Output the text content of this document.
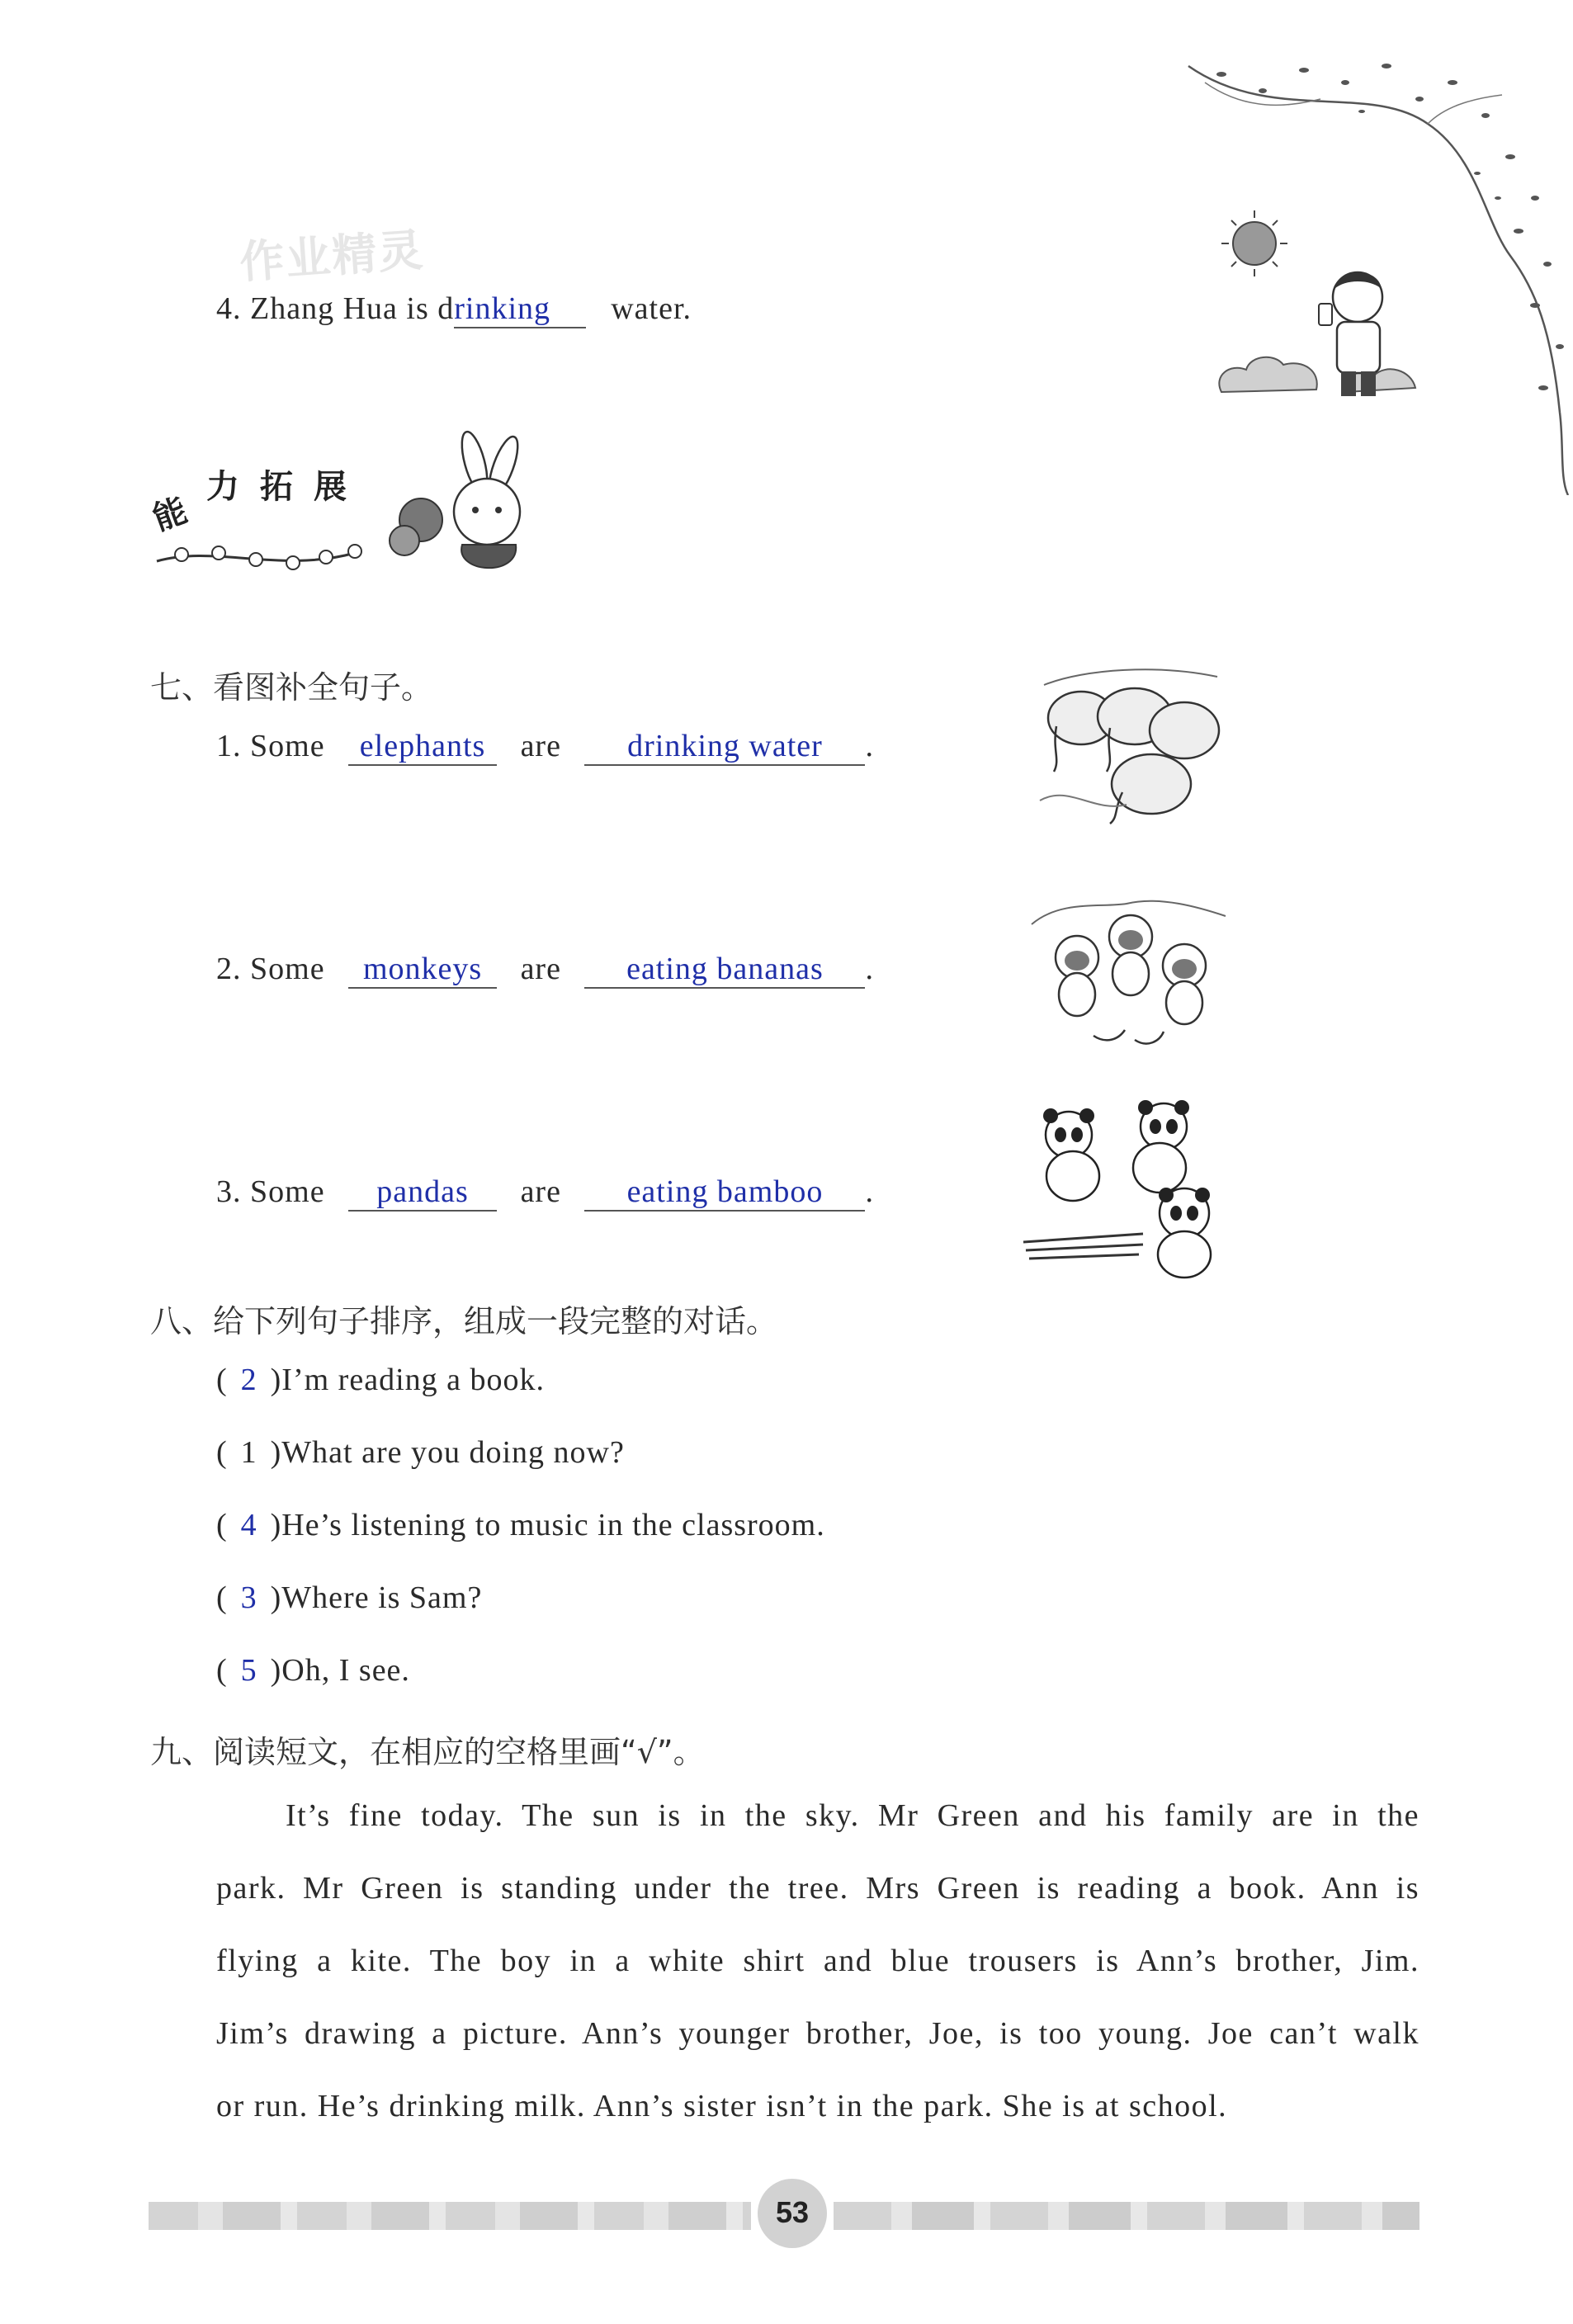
作业精灵
4. Zhang Hua is drinking water.
能
力 拓 展
七、看图补全句子。
1. Some elephants are drinking water .
2. Some monkeys are eating bananas .
3. Some pandas are eating bamboo .
八、给下列句子排序，组成一段完整的对话。
( 2 )I’m reading a book.
( 1 )What are you doing now?
( 4 )He’s listening to music in the classroom.
( 3 )Where is Sam?
( 5 )Oh, I see.
九、阅读短文，在相应的空格里画“√”。
It’s fine today. The sun is in the sky. Mr Green and his family are in the
park. Mr Green is standing under the tree. Mrs Green is reading a book. Ann is
flying a kite. The boy in a white shirt and blue trousers is Ann’s brother, Jim.
Jim’s drawing a picture. Ann’s younger brother, Joe, is too young. Joe can’t walk
or run. He’s drinking milk. Ann’s sister isn’t in the park. She is at school.
53
